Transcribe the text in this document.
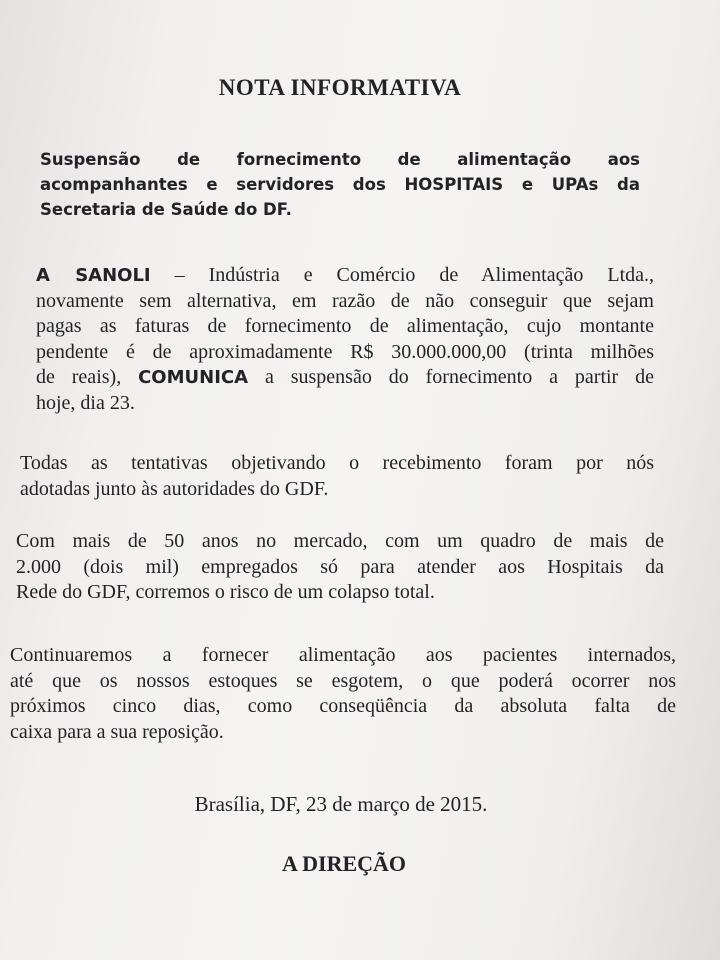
NOTA INFORMATIVA
Suspensão de fornecimento de alimentação aos
acompanhantes e servidores dos HOSPITAIS e UPAs da
Secretaria de Saúde do DF.
A SANOLI – Indústria e Comércio de Alimentação Ltda.,
novamente sem alternativa, em razão de não conseguir que sejam
pagas as faturas de fornecimento de alimentação, cujo montante
pendente é de aproximadamente R$ 30.000.000,00 (trinta milhões
de reais), COMUNICA a suspensão do fornecimento a partir de
hoje, dia 23.
Todas as tentativas objetivando o recebimento foram por nós
adotadas junto às autoridades do GDF.
Com mais de 50 anos no mercado, com um quadro de mais de
2.000 (dois mil) empregados só para atender aos Hospitais da
Rede do GDF, corremos o risco de um colapso total.
Continuaremos a fornecer alimentação aos pacientes internados,
até que os nossos estoques se esgotem, o que poderá ocorrer nos
próximos cinco dias, como conseqüência da absoluta falta de
caixa para a sua reposição.

Brasília, DF, 23 de março de 2015.

A DIREÇÃO
